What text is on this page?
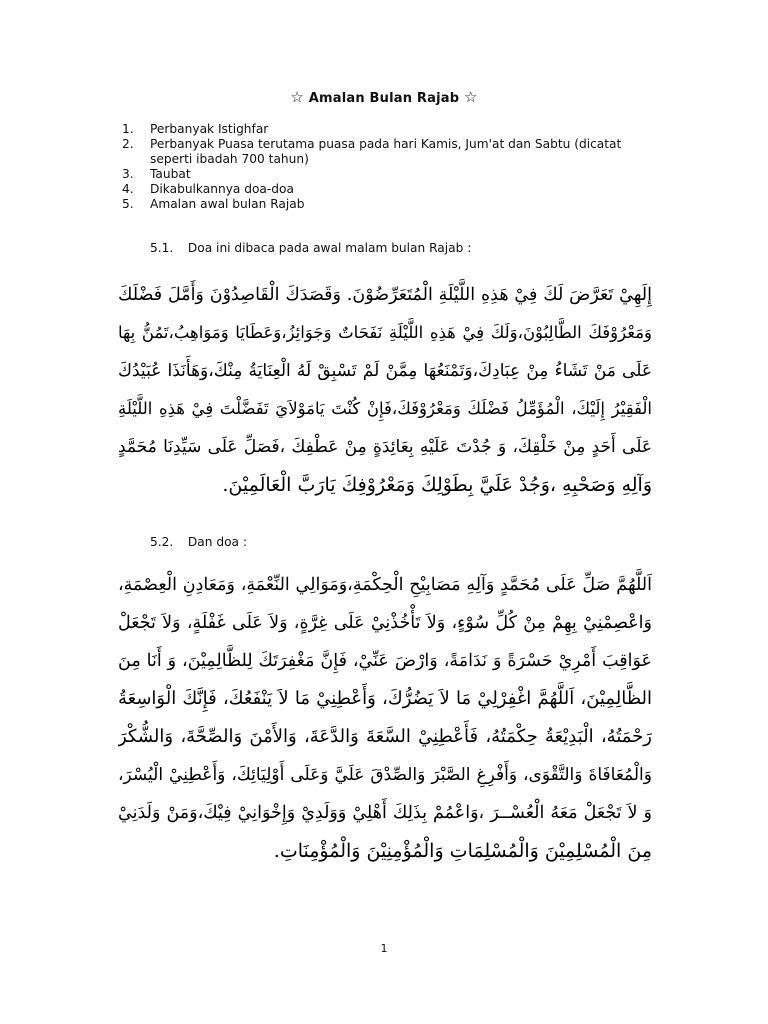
☆ Amalan Bulan Rajab ☆
1. Perbanyak Istighfar
2. Perbanyak Puasa terutama puasa pada hari Kamis, Jum'at dan Sabtu (dicatat
seperti ibadah 700 tahun)
3. Taubat
4. Dikabulkannya doa-doa
5. Amalan awal bulan Rajab
5.1. Doa ini dibaca pada awal malam bulan Rajab :
إِلَهِيْ تَعَرَّضَ لَكَ فِيْ هَذِهِ اللَّيْلَةِ الْمُتَعَرِّضُوْنَ. وَقَصَدَكَ الْقَاصِدُوْنَ وَأَمَّلَ فَضْلَكَ
وَمَعْرُوْفَكَ الطَّالِبُوْنَ،وَلَكَ فِيْ هَذِهِ اللَّيْلَةِ نَفَحَاتٌ وَجَوَائِزُ،وَعَطَايَا وَمَوَاهِبُ،تَمُنُّ بِهَا
عَلَى مَنْ تَشَاءُ مِنْ عِبَادِكَ،وَتَمْنَعُهَا مِمَّنْ لَمْ تَسْبِقْ لَهُ الْعِنَايَةُ مِنْكَ،وَهَأَنَذَا عُبَيْدُكَ
الْفَقِيْرُ إِلَيْكَ، الْمُؤَمِّلُ فَضْلَكَ وَمَعْرُوْفَكَ،فَإِنْ كُنْتَ يَامَوْلاَيَ تَفَضَّلْتَ فِيْ هَذِهِ اللَّيْلَةِ
عَلَى أَحَدٍ مِنْ خَلْقِكَ، وَ جُدْتَ عَلَيْهِ بِعَائِدَةٍ مِنْ عَطْفِكَ ،فَصَلِّ عَلَى سَيِّدِنَا مُحَمَّدٍ
وَآلِهِ وَصَحْبِهِ ،وَجُدْ عَلَيَّ بِطَوْلِكَ وَمَعْرُوْفِكَ يَارَبَّ الْعَالَمِيْنَ.
5.2. Dan doa :
اَللَّهُمَّ صَلِّ عَلَى مُحَمَّدٍ وَآلِهِ مَصَابِيْحِ الْحِكْمَةِ،وَمَوَالِي النِّعْمَةِ، وَمَعَادِنِ الْعِصْمَةِ،
وَاعْصِمْنِيْ بِهِمْ مِنْ كُلِّ سُوْءٍ، وَلاَ تَأْخُذْنِيْ عَلَى غِرَّةٍ، وَلاَ عَلَى غَفْلَةٍ، وَلاَ تَجْعَلْ
عَوَاقِبَ أَمْرِيْ حَسْرَةً وَ نَدَامَةً، وَارْضَ عَنِّيْ، فَإِنَّ مَغْفِرَتَكَ لِلظَّالِمِيْنَ، وَ أَنَا مِنَ
الظَّالِمِيْنَ، اَللَّهُمَّ اغْفِرْلِيْ مَا لاَ يَضُرُّكَ، وَأَعْطِنِيْ مَا لاَ يَنْفَعُكَ، فَإِنَّكَ الْوَاسِعَةُ
رَحْمَتُهُ، الْبَدِيْعَةُ حِكْمَتُهُ، فَأَعْطِنِيْ السَّعَةَ وَالدَّعَةَ، وَالأَمْنَ وَالصِّحَّةَ، وَالشُّكْرَ
وَالْمُعَافَاةَ وَالتَّقْوَى، وَأَفْرِغِ الصَّبْرَ وَالصِّدْقَ عَلَيَّ وَعَلَى أَوْلِيَائِكَ، وَأَعْطِنِيْ الْيُسْرَ،
وَ لاَ تَجْعَلْ مَعَهُ الْعُسْــرَ ،وَاعْمُمْ بِذَلِكَ أَهْلِيْ وَوَلَدِيْ وَإِخْوَانِيْ فِيْكَ،وَمَنْ وَلَدَنِيْ
مِنَ الْمُسْلِمِيْنَ وَالْمُسْلِمَاتِ وَالْمُؤْمِنِيْنَ وَالْمُؤْمِنَاتِ.
1
